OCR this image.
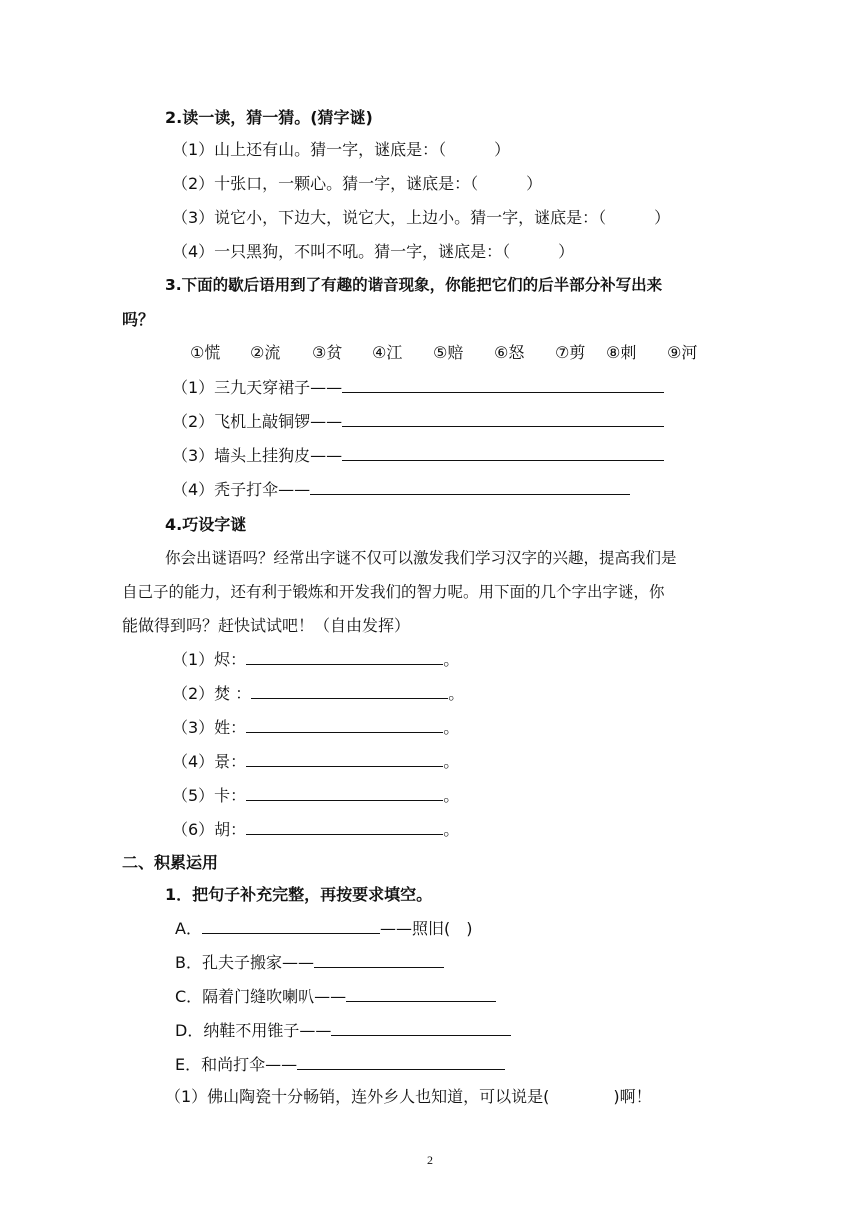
2.读一读，猜一猜。(猜字谜)
（1）山上还有山。猜一字，谜底是：（　　　）
（2）十张口，一颗心。猜一字，谜底是：（　　　）
（3）说它小，下边大，说它大，上边小。猜一字，谜底是：（　　　）
（4）一只黑狗，不叫不吼。猜一字，谜底是：（　　　）
3.下面的歇后语用到了有趣的谐音现象，你能把它们的后半部分补写出来
吗？
①慌 ②流 ③贫 ④江 ⑤赔 ⑥怒 ⑦剪 ⑧刺 ⑨河
（1）三九天穿裙子——
（2）飞机上敲铜锣——
（3）墙头上挂狗皮——
（4）秃子打伞——
4.巧设字谜
你会出谜语吗？经常出字谜不仅可以激发我们学习汉字的兴趣，提高我们是
自己子的能力，还有利于锻炼和开发我们的智力呢。用下面的几个字出字谜，你
能做得到吗？赶快试试吧！（自由发挥）
（1）烬：	。
（2）焚 ：	。
（3）姓：	。
（4）景：	。
（5）卡：	。
（6）胡：	。
二、积累运用
1．把句子补充完整，再按要求填空。
A．	——照旧(　)
B．孔夫子搬家——
C．隔着门缝吹喇叭——
D．纳鞋不用锥子——
E．和尚打伞——
（1）佛山陶瓷十分畅销，连外乡人也知道，可以说是(　　　　)啊！
2
